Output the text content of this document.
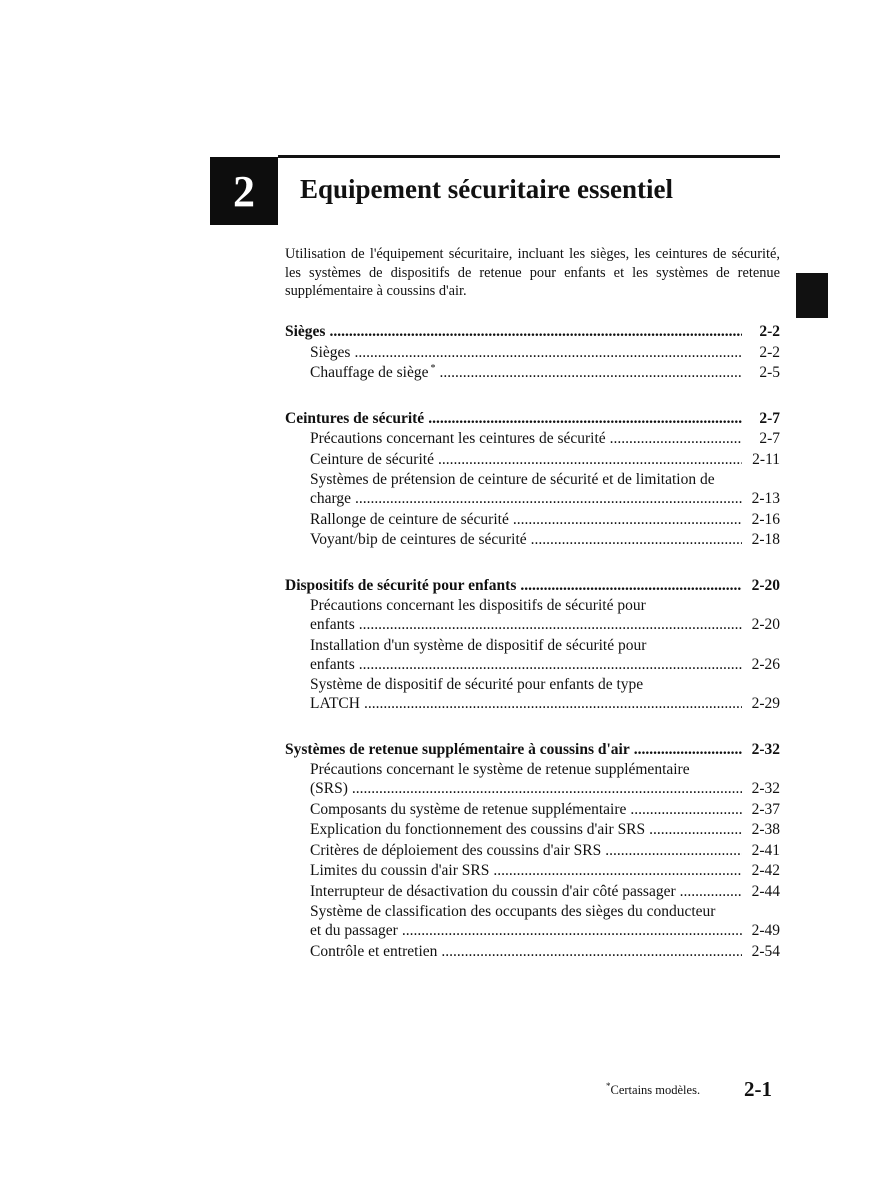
2 Equipement sécuritaire essentiel

Utilisation de l'équipement sécuritaire, incluant les sièges, les ceintures de sécurité, les systèmes de dispositifs de retenue pour enfants et les systèmes de retenue supplémentaire à coussins d'air.

Sièges .....	2-2
Sièges .....	2-2
Chauffage de siège * .....	2-5
Ceintures de sécurité .....	2-7
Précautions concernant les ceintures de sécurité .....	2-7
Ceinture de sécurité .....	2-11
Systèmes de prétension de ceinture de sécurité et de limitation de
charge .....	2-13
Rallonge de ceinture de sécurité .....	2-16
Voyant/bip de ceintures de sécurité .....	2-18
Dispositifs de sécurité pour enfants .....	2-20
Précautions concernant les dispositifs de sécurité pour
enfants .....	2-20
Installation d'un système de dispositif de sécurité pour
enfants .....	2-26
Système de dispositif de sécurité pour enfants de type
LATCH .....	2-29
Systèmes de retenue supplémentaire à coussins d'air .....	2-32
Précautions concernant le système de retenue supplémentaire
(SRS) .....	2-32
Composants du système de retenue supplémentaire .....	2-37
Explication du fonctionnement des coussins d'air SRS .....	2-38
Critères de déploiement des coussins d'air SRS .....	2-41
Limites du coussin d'air SRS .....	2-42
Interrupteur de désactivation du coussin d'air côté passager .....	2-44
Système de classification des occupants des sièges du conducteur
et du passager .....	2-49
Contrôle et entretien .....	2-54
*Certains modèles. 2-1
